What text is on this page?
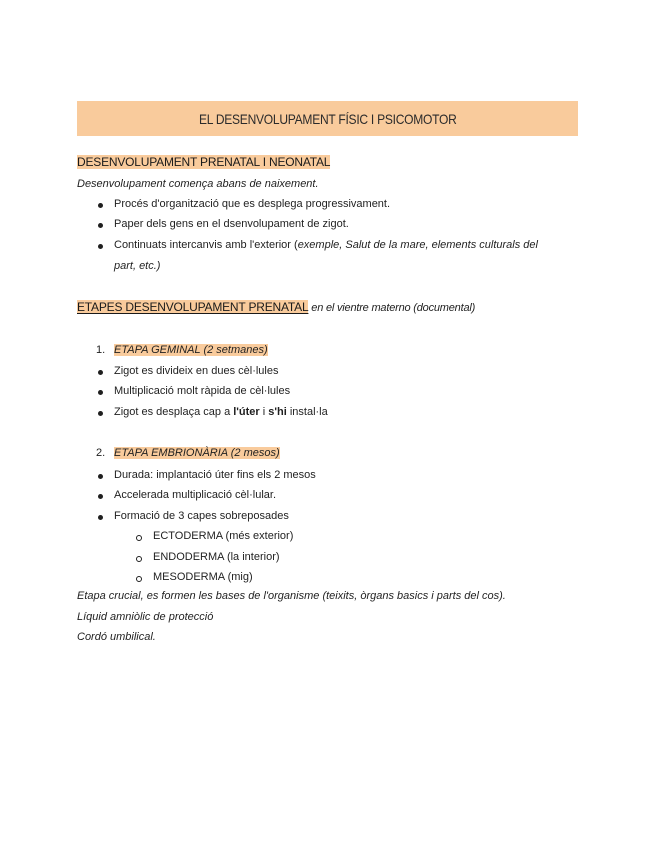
EL DESENVOLUPAMENT FÍSIC I PSICOMOTOR
DESENVOLUPAMENT PRENATAL I NEONATAL
Desenvolupament comença abans de naixement.
Procés d'organització que es desplega progressivament.
Paper dels gens en el dsenvolupament de zigot.
Continuats intercanvis amb l'exterior (exemple, Salut de la mare, elements culturals del
part, etc.)
ETAPES DESENVOLUPAMENT PRENATAL en el vientre materno (documental)
1. ETAPA GEMINAL (2 setmanes)
Zigot es divideix en dues cèl·lules
Multiplicació molt ràpida de cèl·lules
Zigot es desplaça cap a l'úter i s'hi instal·la
2. ETAPA EMBRIONÀRIA (2 mesos)
Durada: implantació úter fins els 2 mesos
Accelerada multiplicació cèl·lular.
Formació de 3 capes sobreposades
ECTODERMA (més exterior)
ENDODERMA (la interior)
MESODERMA (mig)
Etapa crucial, es formen les bases de l'organisme (teixits, òrgans basics i parts del cos).
Líquid amniòlic de protecció
Cordó umbilical.
